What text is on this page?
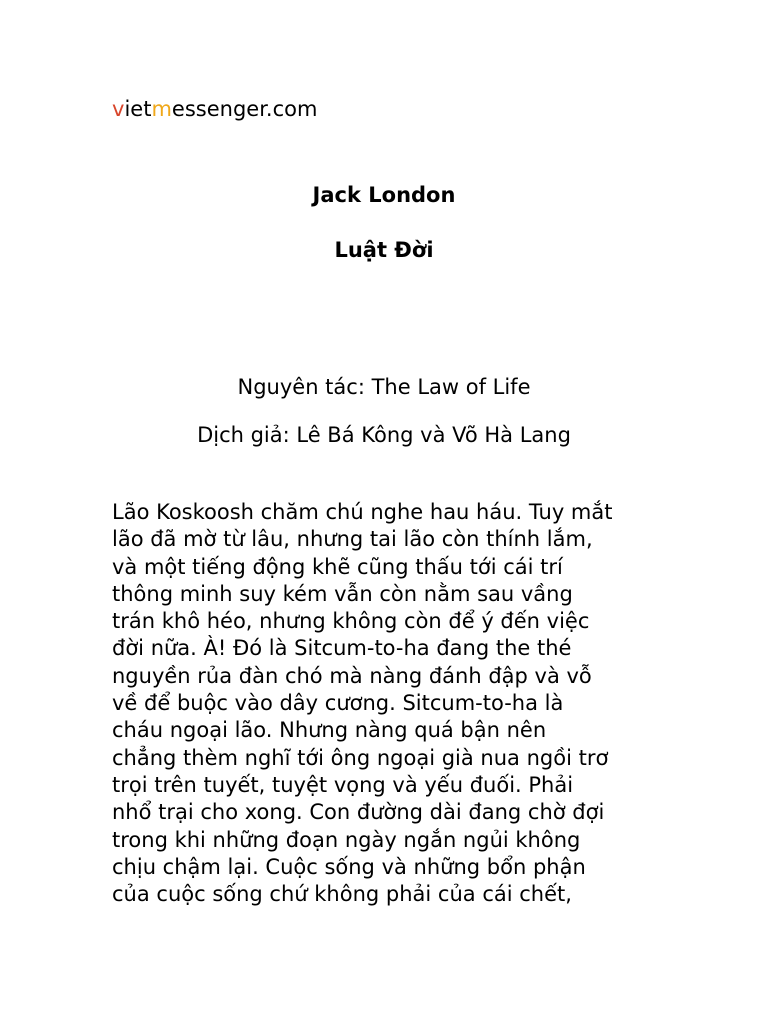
vietmessenger.com
Jack London
Luật Đời
Nguyên tác: The Law of Life
Dịch giả: Lê Bá Kông và Võ Hà Lang

Lão Koskoosh chăm chú nghe hau háu. Tuy mắt
lão đã mờ từ lâu, nhưng tai lão còn thính lắm,
và một tiếng động khẽ cũng thấu tới cái trí
thông minh suy kém vẫn còn nằm sau vầng
trán khô héo, nhưng không còn để ý đến việc
đời nữa. À! Đó là Sitcum-to-ha đang the thé
nguyền rủa đàn chó mà nàng đánh đập và vỗ
về để buộc vào dây cương. Sitcum-to-ha là
cháu ngoại lão. Nhưng nàng quá bận nên
chẳng thèm nghĩ tới ông ngoại già nua ngồi trơ
trọi trên tuyết, tuyệt vọng và yếu đuối. Phải
nhổ trại cho xong. Con đường dài đang chờ đợi
trong khi những đoạn ngày ngắn ngủi không
chịu chậm lại. Cuộc sống và những bổn phận
của cuộc sống chứ không phải của cái chết,
